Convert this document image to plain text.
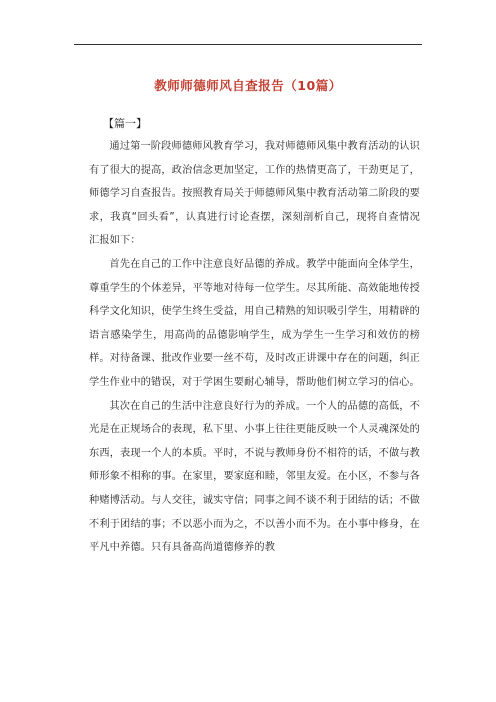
教师师德师风自查报告（10篇）
【篇一】

通过第一阶段师德师风教育学习，我对师德师风集中教育活动的认识有了很大的提高，政治信念更加坚定，工作的热情更高了，干劲更足了，师德学习自查报告。按照教育局关于师德师风集中教育活动第二阶段的要求，我真“回头看”，认真进行讨论查摆，深刻剖析自己，现将自查情况汇报如下：

首先在自己的工作中注意良好品德的养成。教学中能面向全体学生，尊重学生的个体差异，平等地对待每一位学生。尽其所能、高效能地传授科学文化知识，使学生终生受益，用自己精熟的知识吸引学生，用精辟的语言感染学生，用高尚的品德影响学生，成为学生一生学习和效仿的榜样。对待备课、批改作业要一丝不苟，及时改正讲课中存在的问题，纠正学生作业中的错误，对于学困生要耐心辅导，帮助他们树立学习的信心。

其次在自己的生活中注意良好行为的养成。一个人的品德的高低，不光是在正规场合的表现，私下里、小事上往往更能反映一个人灵魂深处的东西，表现一个人的本质。平时，不说与教师身份不相符的话，不做与教师形象不相称的事。在家里，要家庭和睦，邻里友爱。在小区，不参与各种赌博活动。与人交往，诚实守信；同事之间不谈不利于团结的话；不做不利于团结的事；不以恶小而为之，不以善小而不为。在小事中修身，在平凡中养德。只有具备高尚道德修养的教
